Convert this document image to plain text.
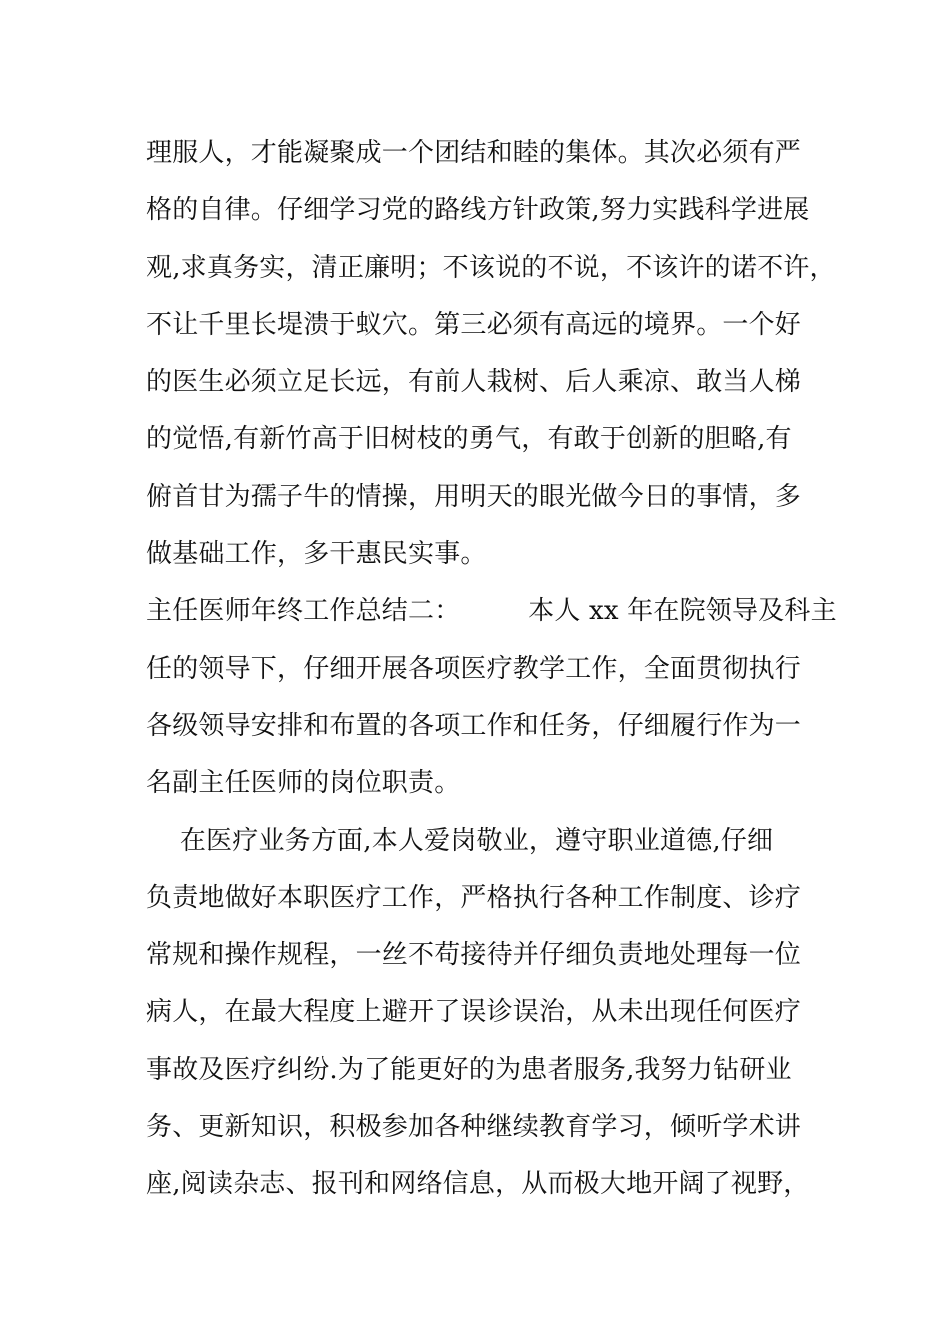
理服人，才能凝聚成一个团结和睦的集体。其次必须有严
格的自律。仔细学习党的路线方针政策,努力实践科学进展
观,求真务实，清正廉明；不该说的不说，不该许的诺不许，
不让千里长堤溃于蚁穴。第三必须有高远的境界。一个好
的医生必须立足长远，有前人栽树、后人乘凉、敢当人梯
的觉悟,有新竹高于旧树枝的勇气，有敢于创新的胆略,有
俯首甘为孺子牛的情操，用明天的眼光做今日的事情，多
做基础工作，多干惠民实事。
主任医师年终工作总结二：        本人 xx 年在院领导及科主
任的领导下，仔细开展各项医疗教学工作，全面贯彻执行
各级领导安排和布置的各项工作和任务，仔细履行作为一
名副主任医师的岗位职责。
在医疗业务方面,本人爱岗敬业，遵守职业道德,仔细
负责地做好本职医疗工作，严格执行各种工作制度、诊疗
常规和操作规程，一丝不苟接待并仔细负责地处理每一位
病人，在最大程度上避开了误诊误治，从未出现任何医疗
事故及医疗纠纷.为了能更好的为患者服务,我努力钻研业
务、更新知识，积极参加各种继续教育学习，倾听学术讲
座,阅读杂志、报刊和网络信息，从而极大地开阔了视野，
